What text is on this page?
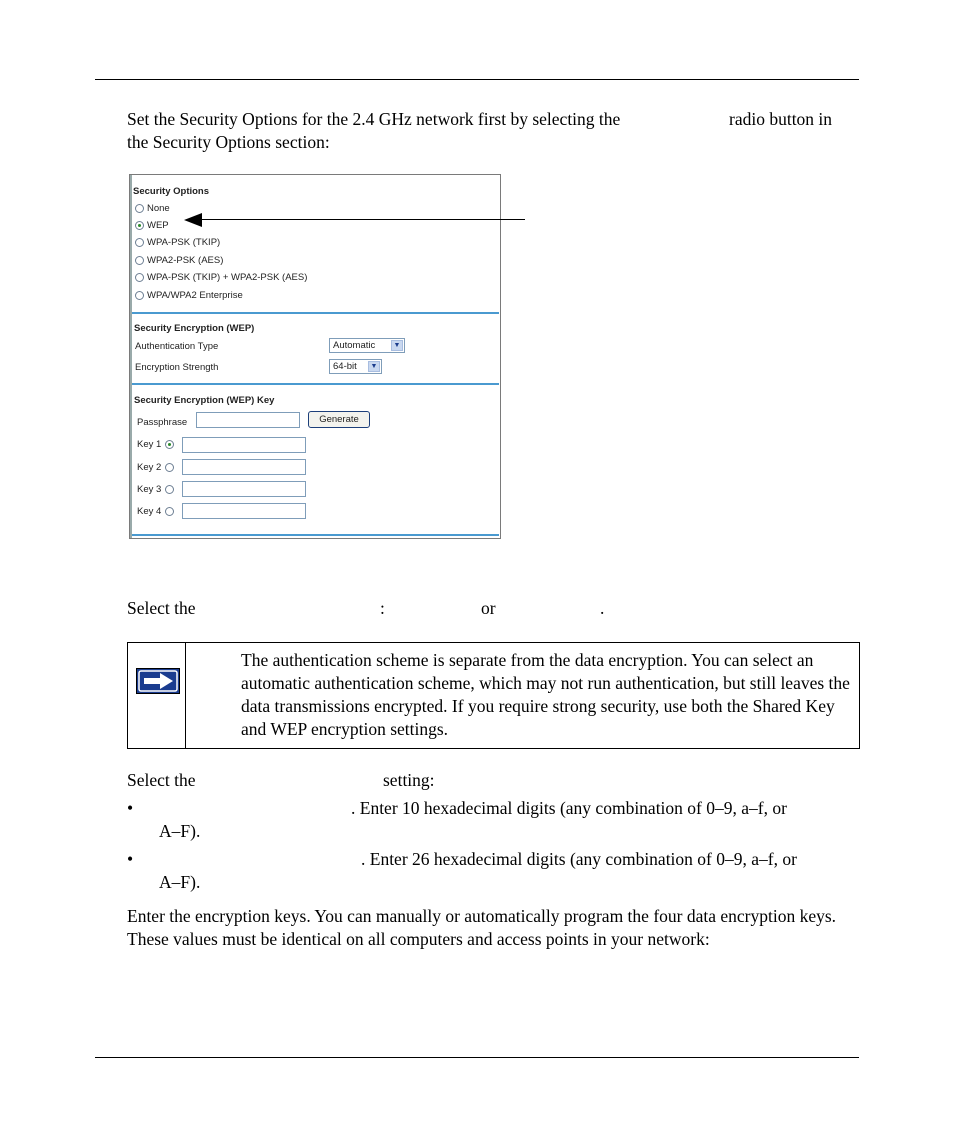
Set the Security Options for the 2.4 GHz network first by selecting the	radio button in
the Security Options section:
Security Options
None
WEP
WPA-PSK (TKIP)
WPA2-PSK (AES)
WPA-PSK (TKIP) + WPA2-PSK (AES)
WPA/WPA2 Enterprise
Security Encryption (WEP)
Authentication Type	Automatic	▼
Encryption Strength	64-bit	▼
Security Encryption (WEP) Key
Passphrase	Generate
Key 1
Key 2
Key 3
Key 4
Select the	:	or	.
The authentication scheme is separate from the data encryption. You can select an automatic authentication scheme, which may not run authentication, but still leaves the data transmissions encrypted. If you require strong security, use both the Shared Key and WEP encryption settings.
Select the	setting:
•	. Enter 10 hexadecimal digits (any combination of 0–9, a–f, or
A–F).
•	. Enter 26 hexadecimal digits (any combination of 0–9, a–f, or
A–F).

Enter the encryption keys. You can manually or automatically program the four data encryption keys. These values must be identical on all computers and access points in your network:
